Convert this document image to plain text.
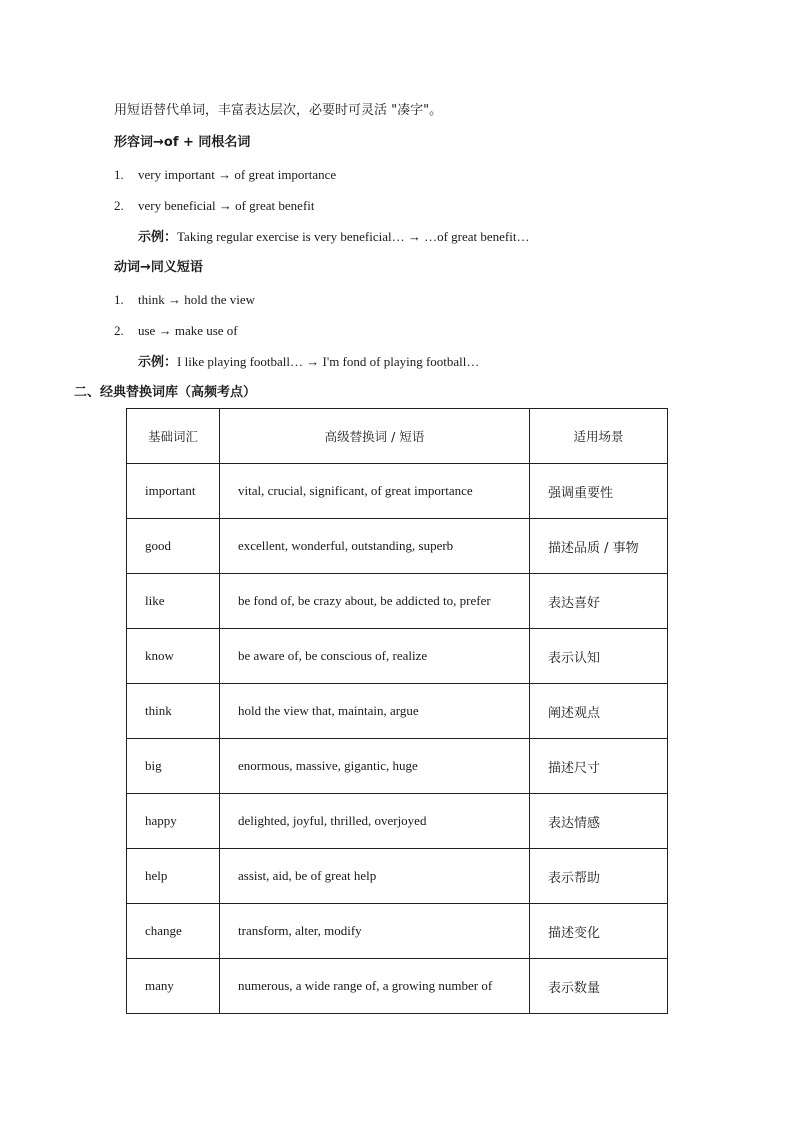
用短语替代单词，丰富表达层次，必要时可灵活 "凑字"。
形容词→of + 同根名词
1. very important → of great importance
2. very beneficial → of great benefit
示例：Taking regular exercise is very beneficial… → …of great benefit…
动词→同义短语
1. think → hold the view
2. use → make use of
示例：I like playing football… → I'm fond of playing football…
二、经典替换词库（高频考点）
基础词汇	高级替换词 / 短语	适用场景
important	vital, crucial, significant, of great importance	强调重要性
good	excellent, wonderful, outstanding, superb	描述品质 / 事物
like	be fond of, be crazy about, be addicted to, prefer	表达喜好
know	be aware of, be conscious of, realize	表示认知
think	hold the view that, maintain, argue	阐述观点
big	enormous, massive, gigantic, huge	描述尺寸
happy	delighted, joyful, thrilled, overjoyed	表达情感
help	assist, aid, be of great help	表示帮助
change	transform, alter, modify	描述变化
many	numerous, a wide range of, a growing number of	表示数量
